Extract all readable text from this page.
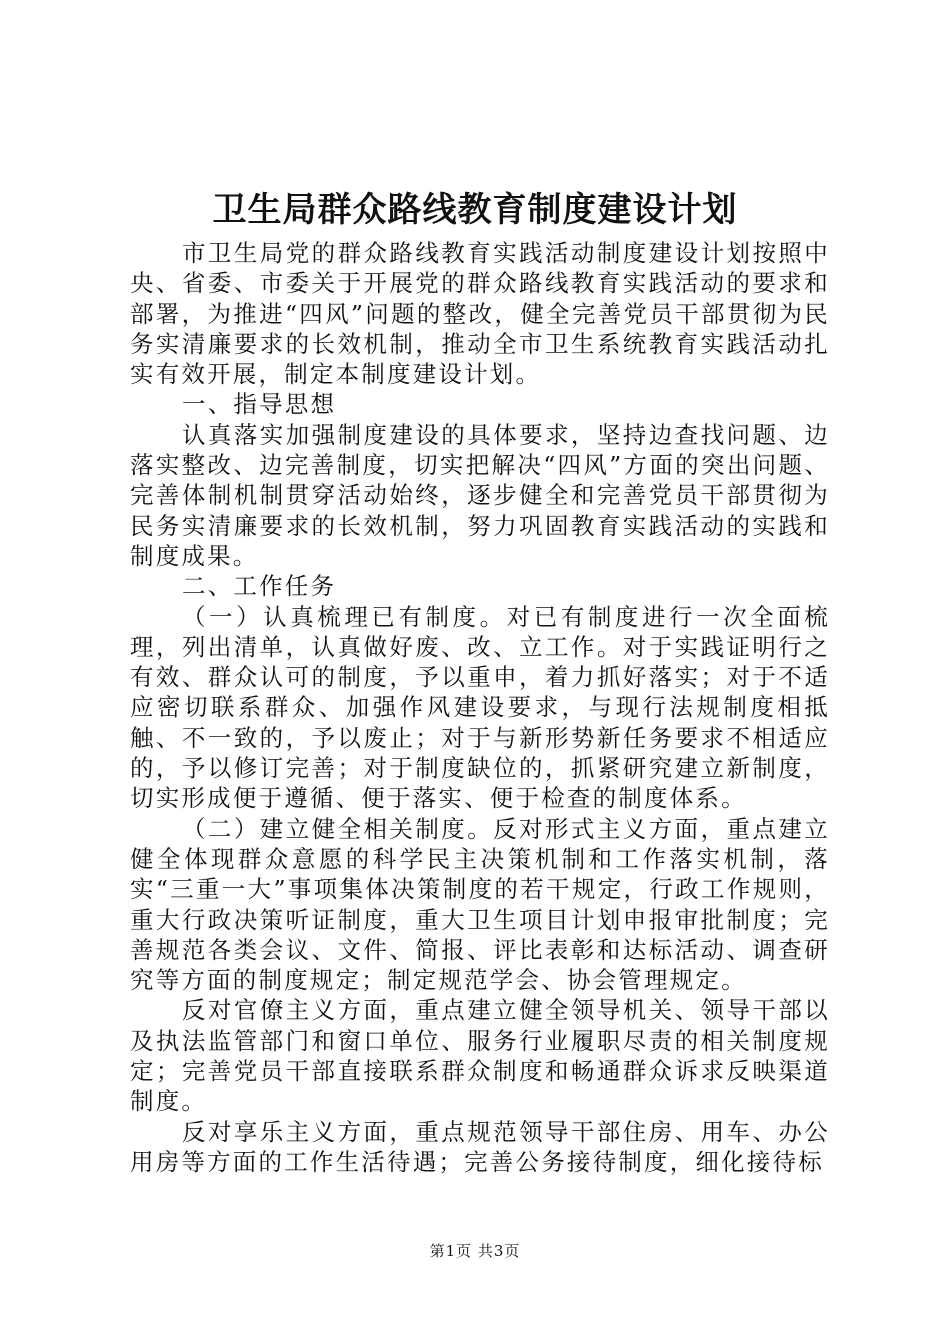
卫生局群众路线教育制度建设计划

市卫生局党的群众路线教育实践活动制度建设计划按照中央、省委、市委关于开展党的群众路线教育实践活动的要求和部署，为推进“四风”问题的整改，健全完善党员干部贯彻为民务实清廉要求的长效机制，推动全市卫生系统教育实践活动扎实有效开展，制定本制度建设计划。

一、指导思想

认真落实加强制度建设的具体要求，坚持边查找问题、边落实整改、边完善制度，切实把解决“四风”方面的突出问题、完善体制机制贯穿活动始终，逐步健全和完善党员干部贯彻为民务实清廉要求的长效机制，努力巩固教育实践活动的实践和制度成果。

二、工作任务

（一）认真梳理已有制度。对已有制度进行一次全面梳理，列出清单，认真做好废、改、立工作。对于实践证明行之有效、群众认可的制度，予以重申，着力抓好落实；对于不适应密切联系群众、加强作风建设要求，与现行法规制度相抵触、不一致的，予以废止；对于与新形势新任务要求不相适应的，予以修订完善；对于制度缺位的，抓紧研究建立新制度，切实形成便于遵循、便于落实、便于检查的制度体系。

（二）建立健全相关制度。反对形式主义方面，重点建立健全体现群众意愿的科学民主决策机制和工作落实机制，落实“三重一大”事项集体决策制度的若干规定，行政工作规则，重大行政决策听证制度，重大卫生项目计划申报审批制度；完善规范各类会议、文件、简报、评比表彰和达标活动、调查研究等方面的制度规定；制定规范学会、协会管理规定。

反对官僚主义方面，重点建立健全领导机关、领导干部以及执法监管部门和窗口单位、服务行业履职尽责的相关制度规定；完善党员干部直接联系群众制度和畅通群众诉求反映渠道制度。

反对享乐主义方面，重点规范领导干部住房、用车、办公用房等方面的工作生活待遇；完善公务接待制度，细化接待标

第1页 共3页
